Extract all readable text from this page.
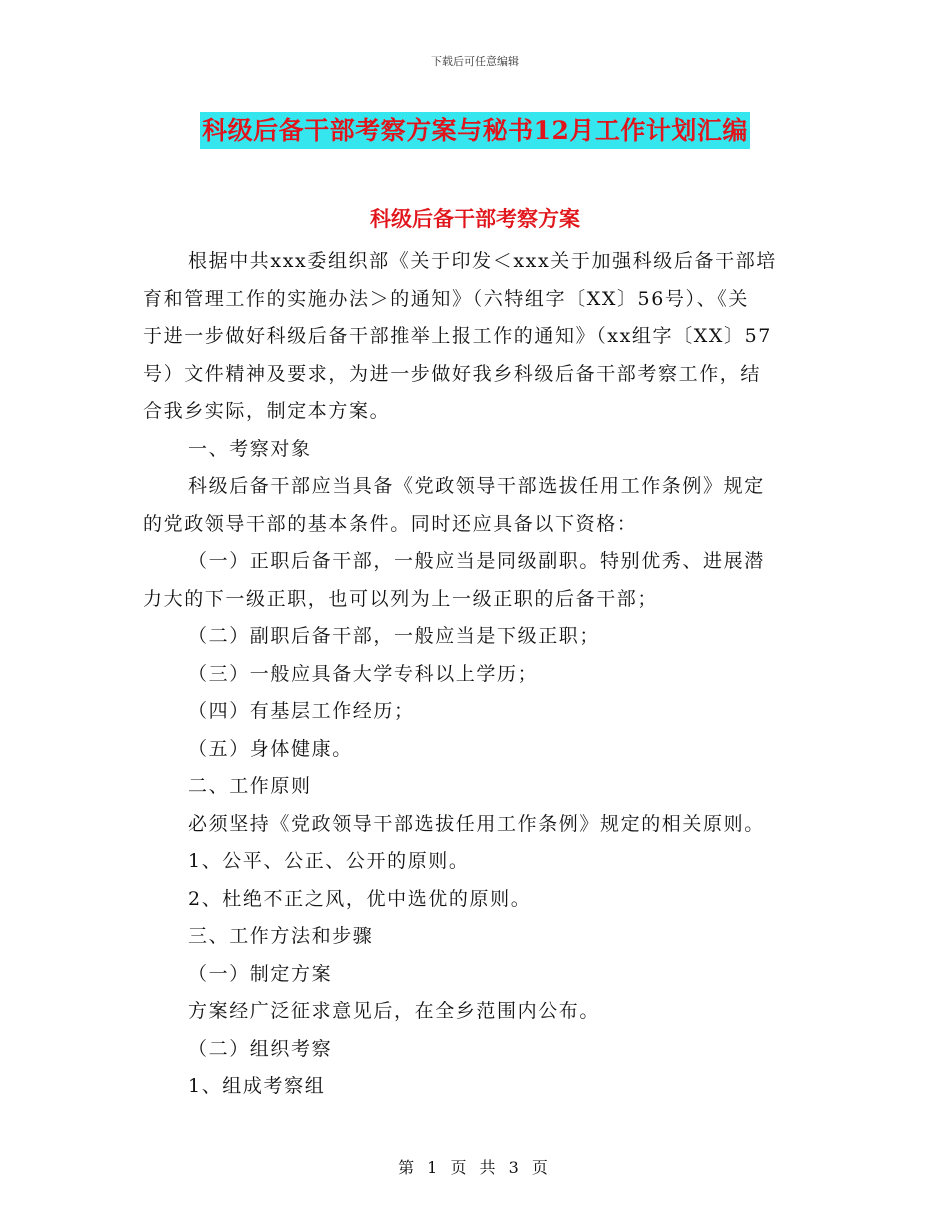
下载后可任意编辑
科级后备干部考察方案与秘书12月工作计划汇编
科级后备干部考察方案
根据中共xxx委组织部《关于印发＜xxx关于加强科级后备干部培
育和管理工作的实施办法＞的通知》（六特组字〔XX〕56号）、《关
于进一步做好科级后备干部推举上报工作的通知》（xx组字〔XX〕57
号）文件精神及要求，为进一步做好我乡科级后备干部考察工作，结
合我乡实际，制定本方案。
一、考察对象
科级后备干部应当具备《党政领导干部选拔任用工作条例》规定
的党政领导干部的基本条件。同时还应具备以下资格：
（一）正职后备干部，一般应当是同级副职。特别优秀、进展潜
力大的下一级正职，也可以列为上一级正职的后备干部；
（二）副职后备干部，一般应当是下级正职；
（三）一般应具备大学专科以上学历；
（四）有基层工作经历；
（五）身体健康。
二、工作原则
必须坚持《党政领导干部选拔任用工作条例》规定的相关原则。
1、公平、公正、公开的原则。
2、杜绝不正之风，优中选优的原则。
三、工作方法和步骤
（一）制定方案
方案经广泛征求意见后，在全乡范围内公布。
（二）组织考察
1、组成考察组
第 1 页 共 3 页
